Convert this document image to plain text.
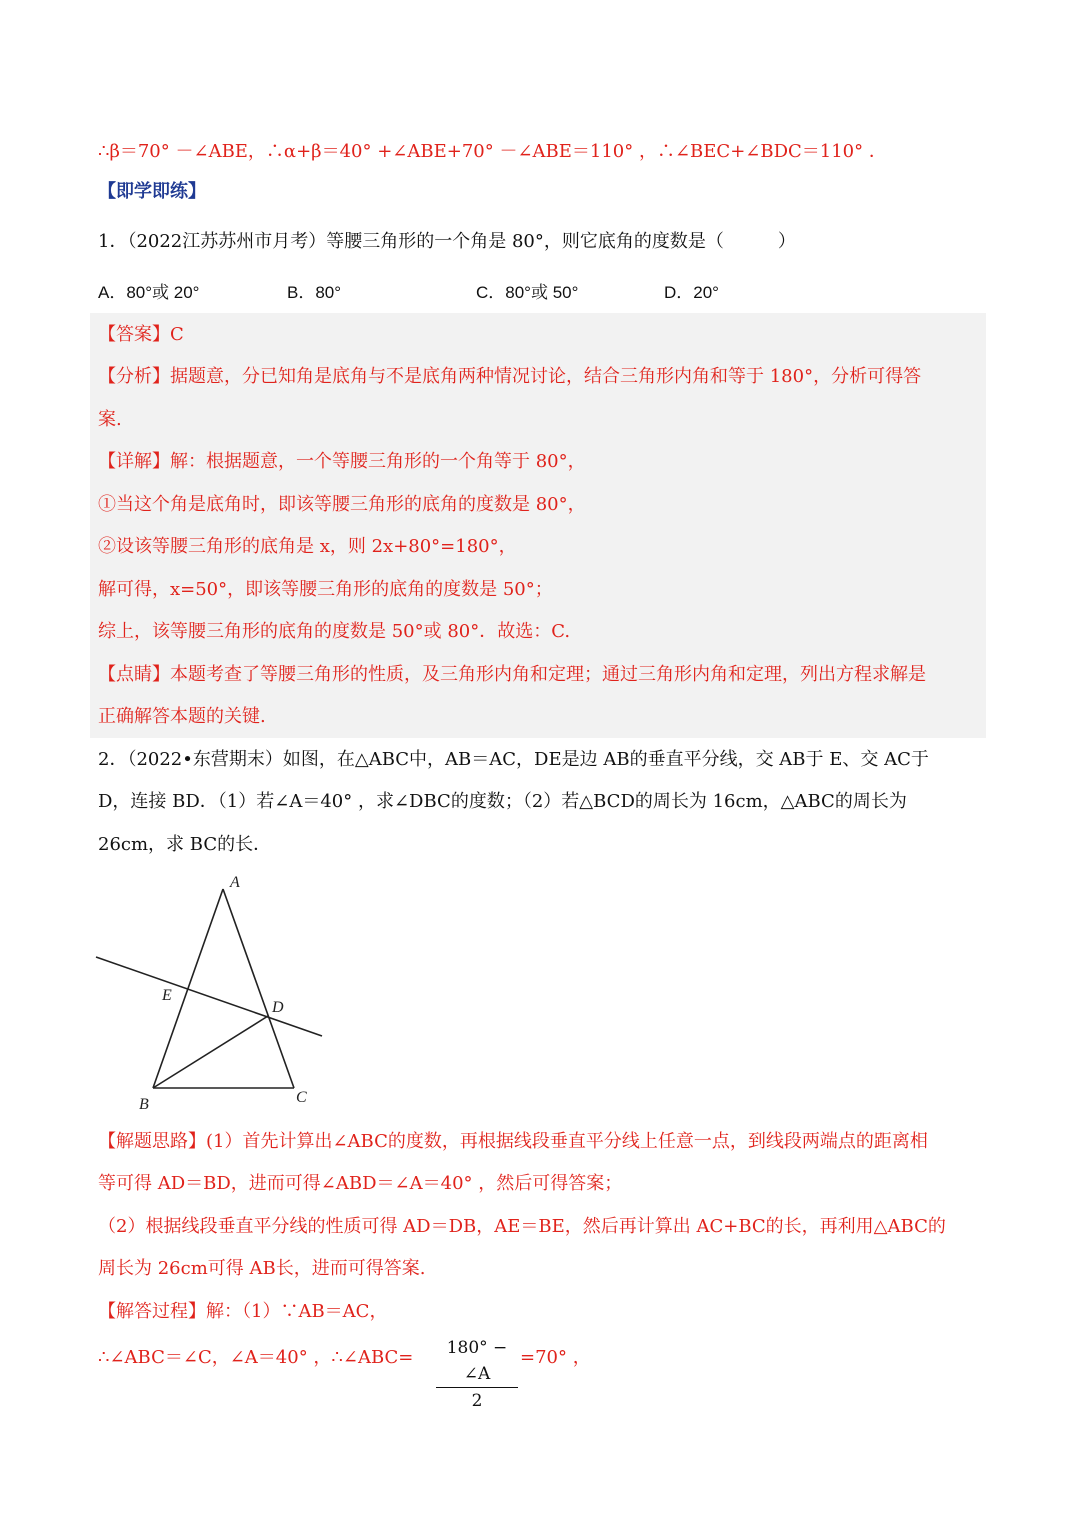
∴β＝70° －∠ABE，∴α+β＝40° +∠ABE+70° －∠ABE＝110° ，∴∠BEC+∠BDC＝110° ．
【即学即练】
1．（2022江苏苏州市月考）等腰三角形的一个角是 80°，则它底角的度数是（　　　）
A．80°或 20°	B．80°	C．80°或 50°	D．20°
【答案】C
【分析】据题意，分已知角是底角与不是底角两种情况讨论，结合三角形内角和等于 180°，分析可得答
案.
【详解】解：根据题意，一个等腰三角形的一个角等于 80°，
①当这个角是底角时，即该等腰三角形的底角的度数是 80°，
②设该等腰三角形的底角是 x，则 2x+80°=180°，
解可得，x=50°，即该等腰三角形的底角的度数是 50°；
综上，该等腰三角形的底角的度数是 50°或 80°．故选：C.
【点睛】本题考查了等腰三角形的性质，及三角形内角和定理；通过三角形内角和定理，列出方程求解是
正确解答本题的关键.
2．（2022•东营期末）如图，在△ABC中，AB＝AC，DE是边 AB的垂直平分线，交 AB于 E、交 AC于
D，连接 BD．（1）若∠A＝40° ，求∠DBC的度数；（2）若△BCD的周长为 16cm，△ABC的周长为
26cm，求 BC的长．
A
E
D
B	C
【解题思路】(1）首先计算出∠ABC的度数，再根据线段垂直平分线上任意一点，到线段两端点的距离相
等可得 AD＝BD，进而可得∠ABD＝∠A＝40° ，然后可得答案；
（2）根据线段垂直平分线的性质可得 AD＝DB，AE＝BE，然后再计算出 AC+BC的长，再利用△ABC的
周长为 26cm可得 AB长，进而可得答案.
【解答过程】解：（1）∵AB＝AC，
∴∠ABC＝∠C，∠A＝40° ，∴∠ABC=	180° − ∠A
2
=70° ，
